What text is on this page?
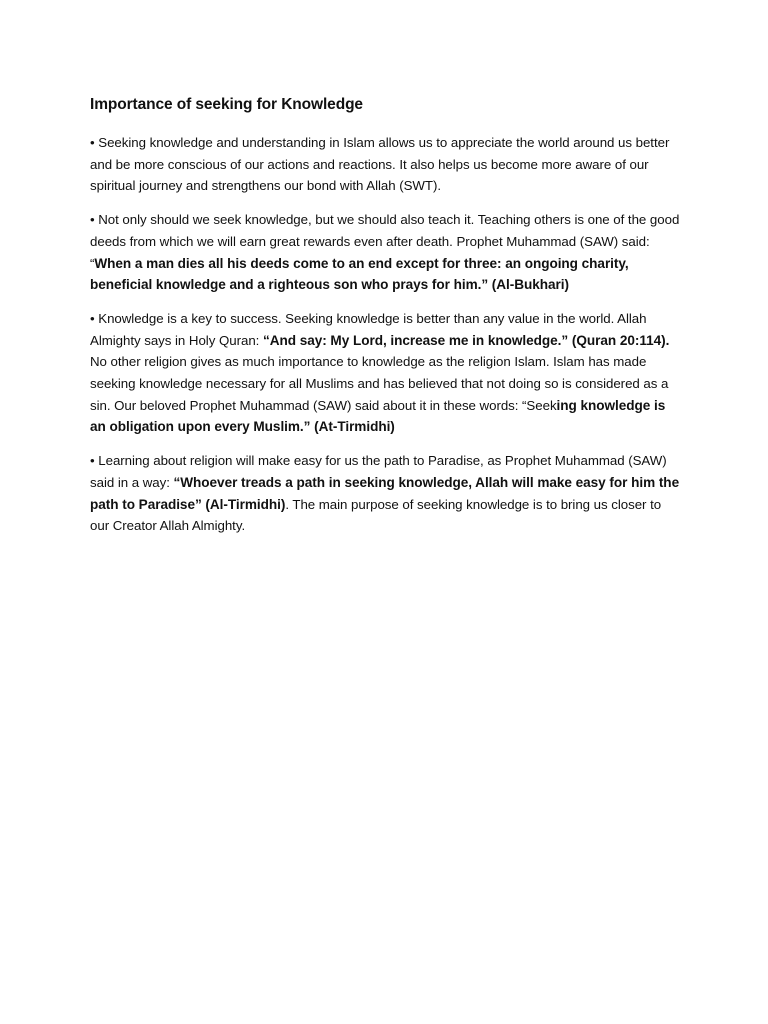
Importance of seeking for Knowledge

• Seeking knowledge and understanding in Islam allows us to appreciate the world around us better and be more conscious of our actions and reactions. It also helps us become more aware of our spiritual journey and strengthens our bond with Allah (SWT).

• Not only should we seek knowledge, but we should also teach it. Teaching others is one of the good deeds from which we will earn great rewards even after death. Prophet Muhammad (SAW) said: “When a man dies all his deeds come to an end except for three: an ongoing charity, beneficial knowledge and a righteous son who prays for him.” (Al-Bukhari)

• Knowledge is a key to success. Seeking knowledge is better than any value in the world. Allah Almighty says in Holy Quran: “And say: My Lord, increase me in knowledge.” (Quran 20:114). No other religion gives as much importance to knowledge as the religion Islam. Islam has made seeking knowledge necessary for all Muslims and has believed that not doing so is considered as a sin. Our beloved Prophet Muhammad (SAW) said about it in these words: “Seeking knowledge is an obligation upon every Muslim.” (At-Tirmidhi)

• Learning about religion will make easy for us the path to Paradise, as Prophet Muhammad (SAW) said in a way: “Whoever treads a path in seeking knowledge, Allah will make easy for him the path to Paradise” (Al-Tirmidhi). The main purpose of seeking knowledge is to bring us closer to our Creator Allah Almighty.
